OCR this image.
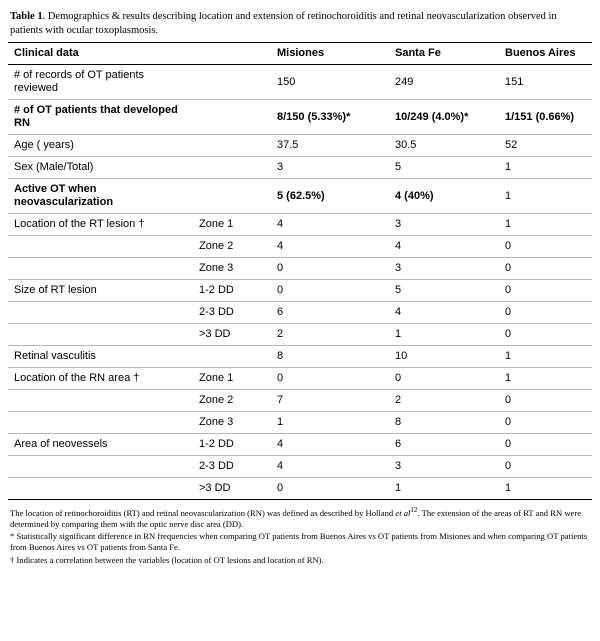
Table 1. Demographics & results describing location and extension of retinochoroiditis and retinal neovascularization observed in patients with ocular toxoplasmosis.
Clinical data		Misiones	Santa Fe	Buenos Aires
# of records of OT patients reviewed		150	249	151
# of OT patients that developed RN		8/150 (5.33%)*	10/249 (4.0%)*	1/151 (0.66%)
Age ( years)		37.5	30.5	52
Sex (Male/Total)		3	5	1
Active OT when neovascularization		5 (62.5%)	4 (40%)	1
Location of the RT lesion †	Zone 1	4	3	1
	Zone 2	4	4	0
	Zone 3	0	3	0
Size of RT lesion	1-2 DD	0	5	0
	2-3 DD	6	4	0
	>3 DD	2	1	0
Retinal vasculitis		8	10	1
Location of the RN area †	Zone 1	0	0	1
	Zone 2	7	2	0
	Zone 3	1	8	0
Area of neovessels	1-2 DD	4	6	0
	2-3 DD	4	3	0
	>3 DD	0	1	1

The location of retinochoroiditis (RT) and retinal neovascularization (RN) was defined as described by Holland et $al^{12}$. The extension of the areas of RT and RN were determined by comparing them with the optic nerve disc area (DD).

* Statistically significant difference in RN frequencies when comparing OT patients from Buenos Aires vs OT patients from Misiones and when comparing OT patients from Buenos Aires vs OT patients from Santa Fe.

† Indicates a correlation between the variables (location of OT lesions and location of RN).
